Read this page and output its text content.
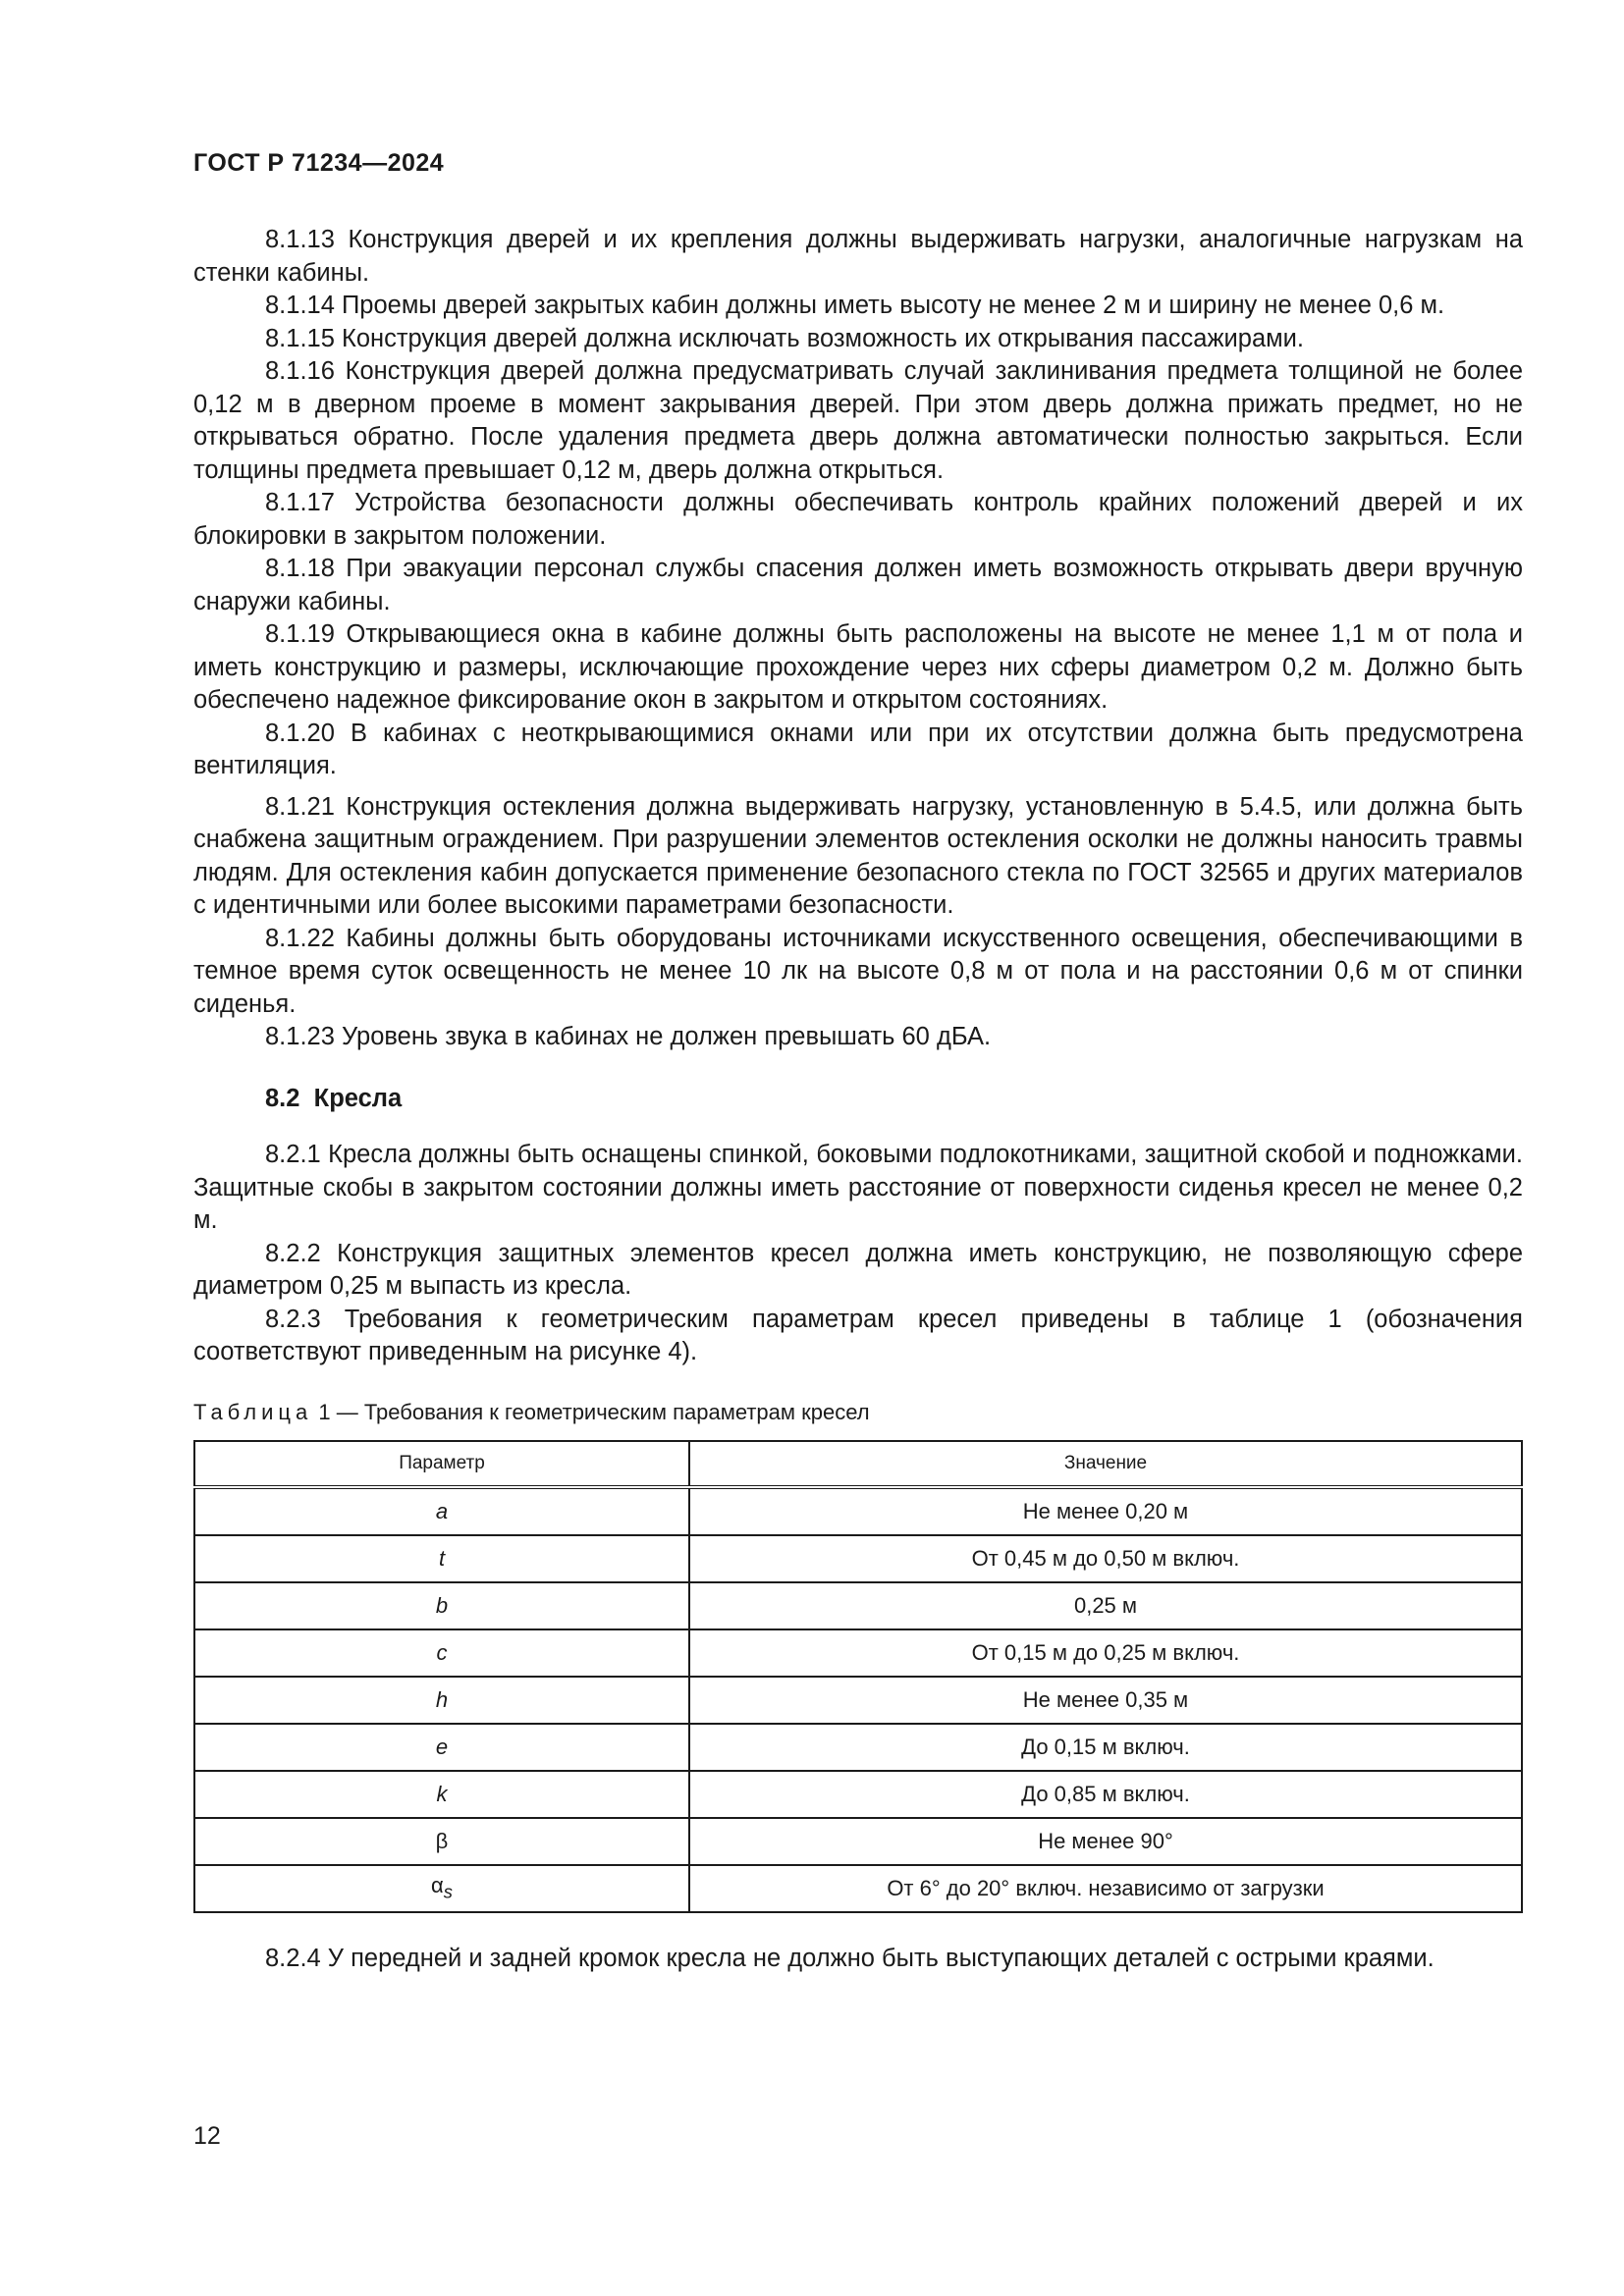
ГОСТ Р 71234—2024

8.1.13 Конструкция дверей и их крепления должны выдерживать нагрузки, аналогичные нагрузкам на стенки кабины.

8.1.14 Проемы дверей закрытых кабин должны иметь высоту не менее 2 м и ширину не менее 0,6 м.

8.1.15 Конструкция дверей должна исключать возможность их открывания пассажирами.

8.1.16 Конструкция дверей должна предусматривать случай заклинивания предмета толщиной не более 0,12 м в дверном проеме в момент закрывания дверей. При этом дверь должна прижать предмет, но не открываться обратно. После удаления предмета дверь должна автоматически полностью закрыться. Если толщины предмета превышает 0,12 м, дверь должна открыться.

8.1.17 Устройства безопасности должны обеспечивать контроль крайних положений дверей и их блокировки в закрытом положении.

8.1.18 При эвакуации персонал службы спасения должен иметь возможность открывать двери вручную снаружи кабины.

8.1.19 Открывающиеся окна в кабине должны быть расположены на высоте не менее 1,1 м от пола и иметь конструкцию и размеры, исключающие прохождение через них сферы диаметром 0,2 м. Должно быть обеспечено надежное фиксирование окон в закрытом и открытом состояниях.

8.1.20 В кабинах с неоткрывающимися окнами или при их отсутствии должна быть предусмотрена вентиляция.

8.1.21 Конструкция остекления должна выдерживать нагрузку, установленную в 5.4.5, или должна быть снабжена защитным ограждением. При разрушении элементов остекления осколки не должны наносить травмы людям. Для остекления кабин допускается применение безопасного стекла по ГОСТ 32565 и других материалов с идентичными или более высокими параметрами безопасности.

8.1.22 Кабины должны быть оборудованы источниками искусственного освещения, обеспечивающими в темное время суток освещенность не менее 10 лк на высоте 0,8 м от пола и на расстоянии 0,6 м от спинки сиденья.

8.1.23 Уровень звука в кабинах не должен превышать 60 дБА.

8.2 Кресла

8.2.1 Кресла должны быть оснащены спинкой, боковыми подлокотниками, защитной скобой и подножками. Защитные скобы в закрытом состоянии должны иметь расстояние от поверхности сиденья кресел не менее 0,2 м.

8.2.2 Конструкция защитных элементов кресел должна иметь конструкцию, не позволяющую сфере диаметром 0,25 м выпасть из кресла.

8.2.3 Требования к геометрическим параметрам кресел приведены в таблице 1 (обозначения соответствуют приведенным на рисунке 4).

Таблица 1 — Требования к геометрическим параметрам кресел
Параметр	Значение
a	Не менее 0,20 м
t	От 0,45 м до 0,50 м включ.
b	0,25 м
c	От 0,15 м до 0,25 м включ.
h	Не менее 0,35 м
e	До 0,15 м включ.
k	До 0,85 м включ.
β	Не менее 90°
$\alpha_s$	От 6° до 20° включ. независимо от загрузки

8.2.4 У передней и задней кромок кресла не должно быть выступающих деталей с острыми краями.

12
